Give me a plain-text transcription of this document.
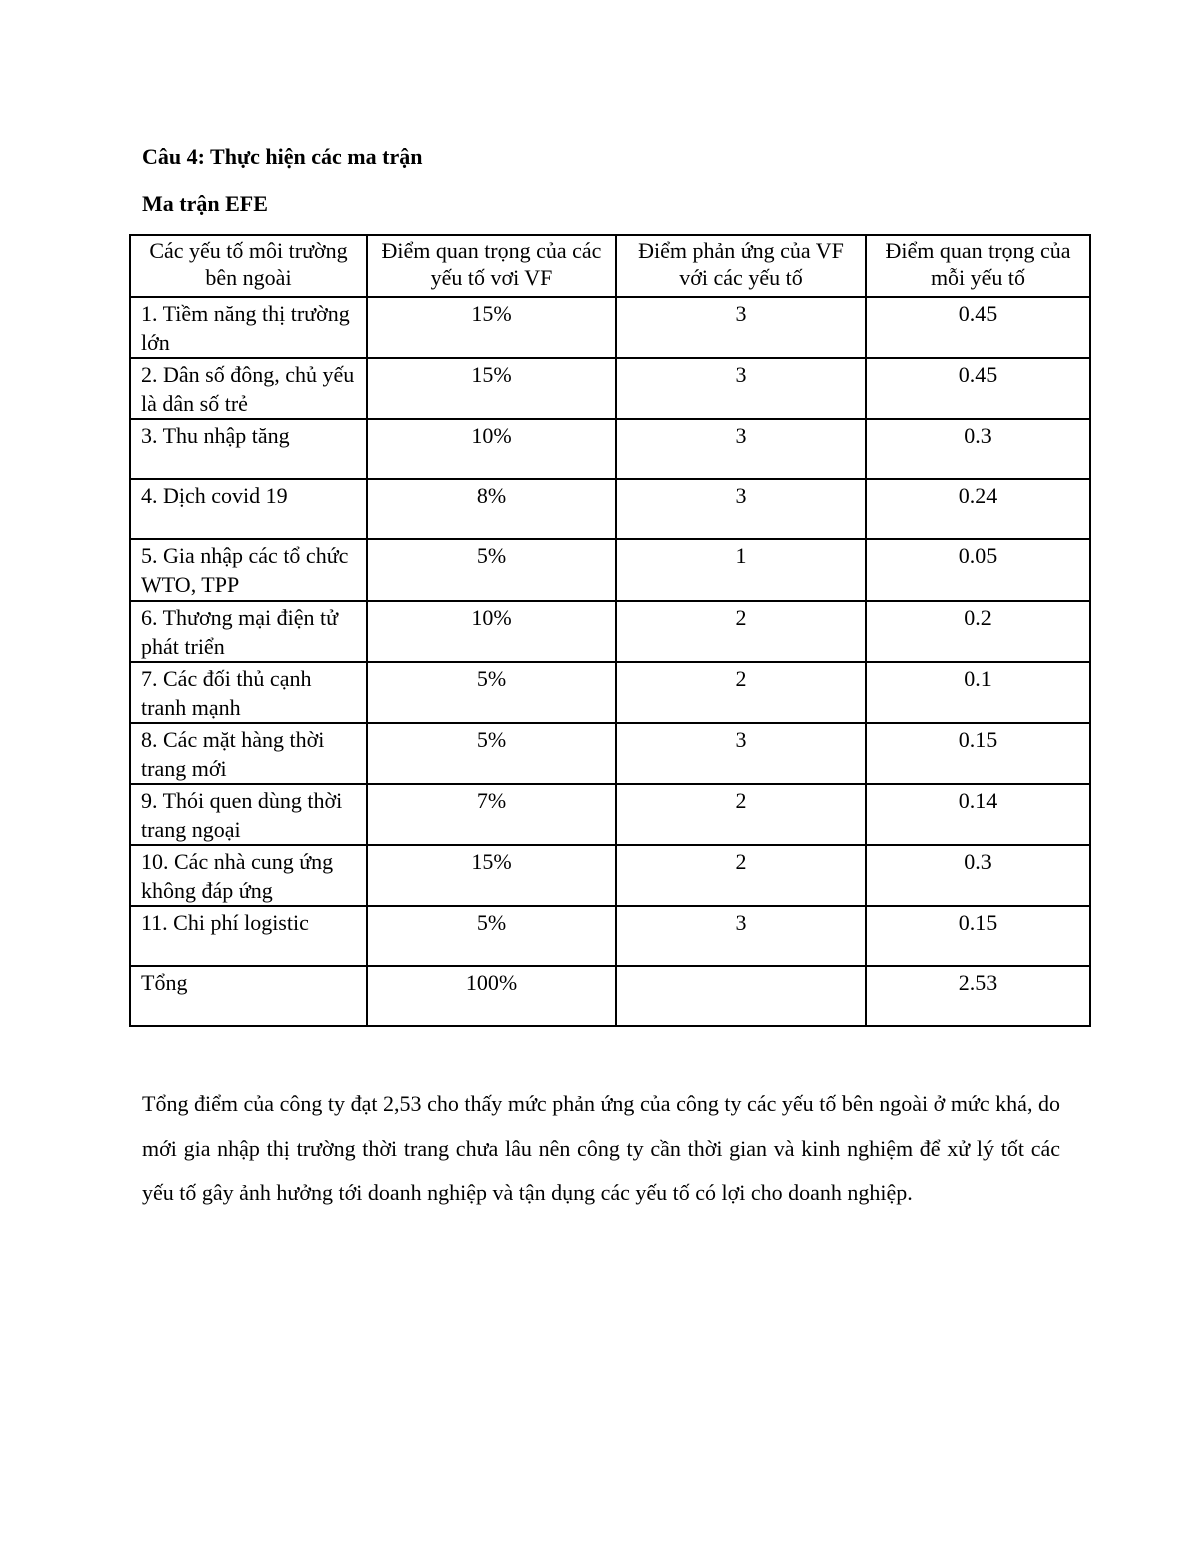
Câu 4: Thực hiện các ma trận
Ma trận EFE
Các yếu tố môi trường bên ngoài	Điểm quan trọng của các yếu tố vơi VF	Điểm phản ứng của VF với các yếu tố	Điểm quan trọng của mỗi yếu tố
1. Tiềm năng thị trường lớn	15%	3	0.45
2. Dân số đông, chủ yếu là dân số trẻ	15%	3	0.45
3. Thu nhập tăng	10%	3	0.3
4. Dịch covid 19	8%	3	0.24
5. Gia nhập các tổ chức WTO, TPP	5%	1	0.05
6. Thương mại điện tử phát triển	10%	2	0.2
7. Các đối thủ cạnh tranh mạnh	5%	2	0.1
8. Các mặt hàng thời trang mới	5%	3	0.15
9. Thói quen dùng thời trang ngoại	7%	2	0.14
10. Các nhà cung ứng không đáp ứng	15%	2	0.3
11. Chi phí logistic	5%	3	0.15
Tổng	100%		2.53

Tổng điểm của công ty đạt 2,53 cho thấy mức phản ứng của công ty các yếu tố bên ngoài ở mức khá, do mới gia nhập thị trường thời trang chưa lâu nên công ty cần thời gian và kinh nghiệm để xử lý tốt các yếu tố gây ảnh hưởng tới doanh nghiệp và tận dụng các yếu tố có lợi cho doanh nghiệp.
